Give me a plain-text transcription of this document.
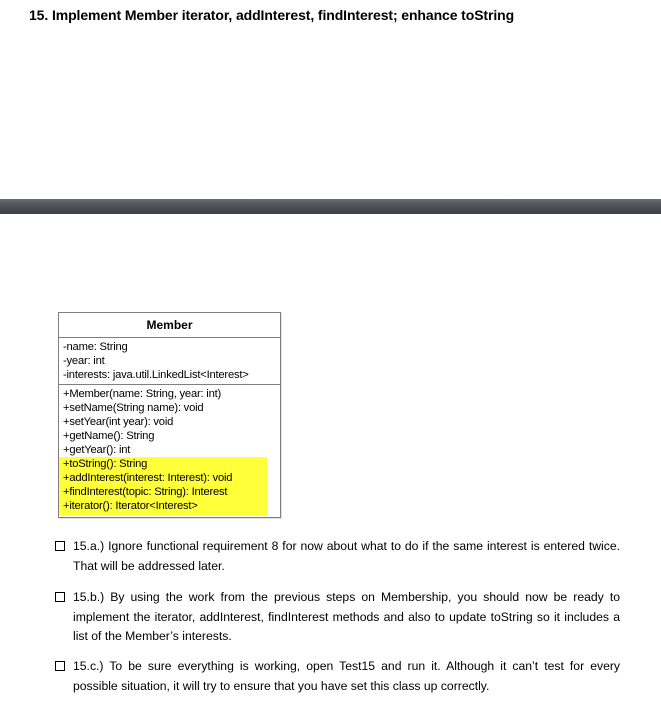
15. Implement Member iterator, addInterest, findInterest; enhance toString
Member
-name: String
-year: int
-interests: java.util.LinkedList<Interest>
+Member(name: String, year: int)
+setName(String name): void
+setYear(int year): void
+getName(): String
+getYear(): int
+toString(): String
+addInterest(interest: Interest): void
+findInterest(topic: String): Interest
+iterator(): Iterator<Interest>
15.a.) Ignore functional requirement 8 for now about what to do if the same interest is entered twice. That will be addressed later.
15.b.) By using the work from the previous steps on Membership, you should now be ready to implement the iterator, addInterest, findInterest methods and also to update toString so it includes a list of the Member’s interests.
15.c.) To be sure everything is working, open Test15 and run it. Although it can’t test for every possible situation, it will try to ensure that you have set this class up correctly.
